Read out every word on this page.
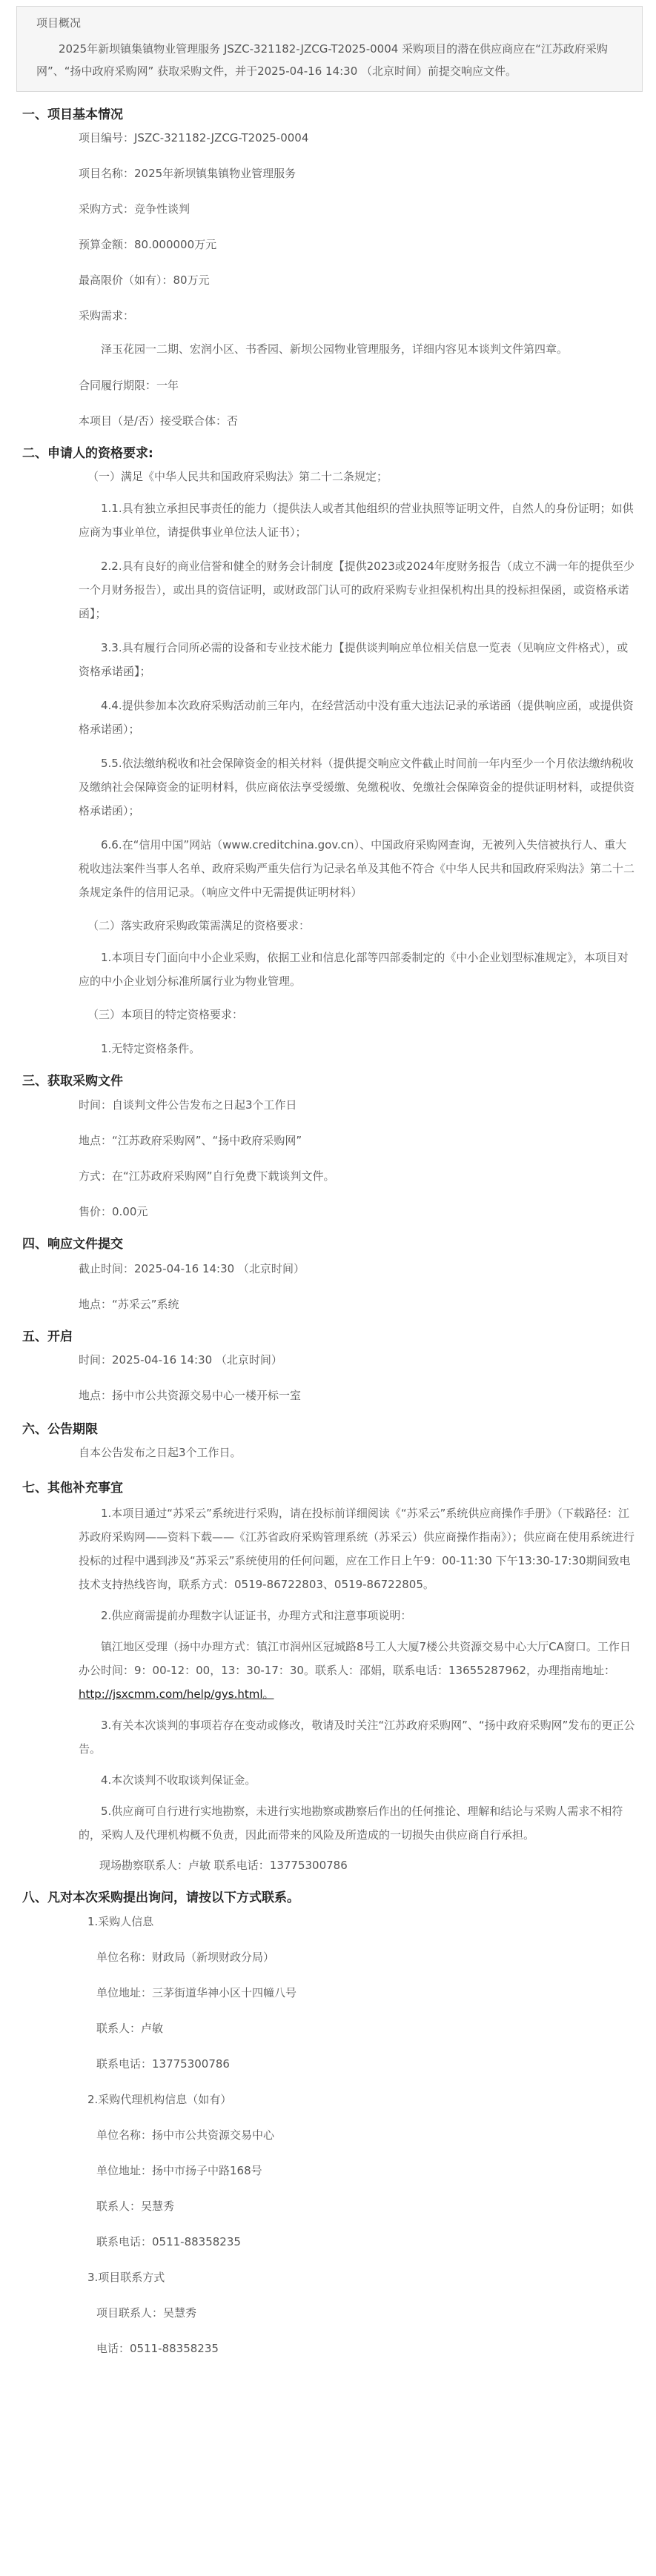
项目概况
2025年新坝镇集镇物业管理服务 JSZC-321182-JZCG-T2025-0004 采购项目的潜在供应商应在“江苏政府采购网”、“扬中政府采购网” 获取采购文件，并于2025-04-16 14:30 （北京时间）前提交响应文件。
一、项目基本情况
项目编号：JSZC-321182-JZCG-T2025-0004
项目名称：2025年新坝镇集镇物业管理服务
采购方式：竞争性谈判
预算金额：80.000000万元
最高限价（如有）：80万元
采购需求：
泽玉花园一二期、宏润小区、书香园、新坝公园物业管理服务，详细内容见本谈判文件第四章。
合同履行期限：一年
本项目（是/否）接受联合体：否
二、申请人的资格要求:
（一）满足《中华人民共和国政府采购法》第二十二条规定；
1.1.具有独立承担民事责任的能力（提供法人或者其他组织的营业执照等证明文件，自然人的身份证明；如供应商为事业单位，请提供事业单位法人证书）；
2.2.具有良好的商业信誉和健全的财务会计制度【提供2023或2024年度财务报告（成立不满一年的提供至少一个月财务报告），或出具的资信证明，或财政部门认可的政府采购专业担保机构出具的投标担保函，或资格承诺函】；
3.3.具有履行合同所必需的设备和专业技术能力【提供谈判响应单位相关信息一览表（见响应文件格式），或资格承诺函】；
4.4.提供参加本次政府采购活动前三年内，在经营活动中没有重大违法记录的承诺函（提供响应函，或提供资格承诺函）；
5.5.依法缴纳税收和社会保障资金的相关材料（提供提交响应文件截止时间前一年内至少一个月依法缴纳税收及缴纳社会保障资金的证明材料，供应商依法享受缓缴、免缴税收、免缴社会保障资金的提供证明材料，或提供资格承诺函）；
6.6.在“信用中国”网站（www.creditchina.gov.cn）、中国政府采购网查询，无被列入失信被执行人、重大税收违法案件当事人名单、政府采购严重失信行为记录名单及其他不符合《中华人民共和国政府采购法》第二十二条规定条件的信用记录。（响应文件中无需提供证明材料）
（二）落实政府采购政策需满足的资格要求：
1.本项目专门面向中小企业采购，依据工业和信息化部等四部委制定的《中小企业划型标准规定》，本项目对应的中小企业划分标准所属行业为物业管理。
（三）本项目的特定资格要求：
1.无特定资格条件。
三、获取采购文件
时间：自谈判文件公告发布之日起3个工作日
地点：“江苏政府采购网”、“扬中政府采购网”
方式：在“江苏政府采购网”自行免费下载谈判文件。
售价：0.00元
四、响应文件提交
截止时间：2025-04-16 14:30 （北京时间）
地点：“苏采云”系统
五、开启
时间：2025-04-16 14:30 （北京时间）
地点：扬中市公共资源交易中心一楼开标一室
六、公告期限
自本公告发布之日起3个工作日。
七、其他补充事宜
1.本项目通过“苏采云”系统进行采购，请在投标前详细阅读《“苏采云”系统供应商操作手册》（下载路径：江苏政府采购网——资料下载——《江苏省政府采购管理系统（苏采云）供应商操作指南》）；供应商在使用系统进行投标的过程中遇到涉及“苏采云”系统使用的任何问题，应在工作日上午9：00-11:30 下午13:30-17:30期间致电技术支持热线咨询，联系方式：0519-86722803、0519-86722805。
2.供应商需提前办理数字认证证书，办理方式和注意事项说明：
镇江地区受理（扬中办理方式：镇江市润州区冠城路8号工人大厦7楼公共资源交易中心大厅CA窗口。工作日办公时间：9：00-12：00，13：30-17：30。联系人：邵娟，联系电话：13655287962，办理指南地址：http://jsxcmm.com/help/gys.html。
3.有关本次谈判的事项若存在变动或修改，敬请及时关注“江苏政府采购网”、“扬中政府采购网”发布的更正公告。
4.本次谈判不收取谈判保证金。
5.供应商可自行进行实地勘察，未进行实地勘察或勘察后作出的任何推论、理解和结论与采购人需求不相符的，采购人及代理机构概不负责，因此而带来的风险及所造成的一切损失由供应商自行承担。
现场勘察联系人：卢敏 联系电话：13775300786
八、凡对本次采购提出询问，请按以下方式联系。
1.采购人信息
单位名称：财政局（新坝财政分局）
单位地址：三茅街道华神小区十四幢八号
联系人：卢敏
联系电话：13775300786
2.采购代理机构信息（如有）
单位名称：扬中市公共资源交易中心
单位地址：扬中市扬子中路168号
联系人：吴慧秀
联系电话：0511-88358235
3.项目联系方式
项目联系人：吴慧秀
电话：0511-88358235
